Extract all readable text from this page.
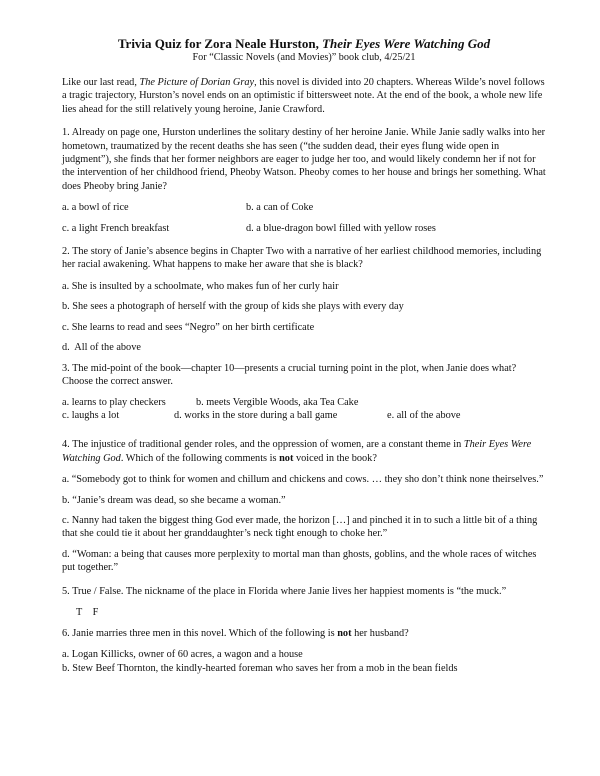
Trivia Quiz for Zora Neale Hurston, Their Eyes Were Watching God
For “Classic Novels (and Movies)” book club, 4/25/21

Like our last read, The Picture of Dorian Gray, this novel is divided into 20 chapters. Whereas Wilde’s novel follows a tragic trajectory, Hurston’s novel ends on an optimistic if bittersweet note. At the end of the book, a whole new life lies ahead for the still relatively young heroine, Janie Crawford.

1. Already on page one, Hurston underlines the solitary destiny of her heroine Janie. While Janie sadly walks into her hometown, traumatized by the recent deaths she has seen (“the sudden dead, their eyes flung wide open in judgment”), she finds that her former neighbors are eager to judge her too, and would likely condemn her if not for the intervention of her childhood friend, Pheoby Watson. Pheoby comes to her house and brings her something. What does Pheoby bring Janie?

a. a bowl of rice	b. a can of Coke
c. a light French breakfast	d. a blue-dragon bowl filled with yellow roses

2. The story of Janie’s absence begins in Chapter Two with a narrative of her earliest childhood memories, including her racial awakening. What happens to make her aware that she is black?

a. She is insulted by a schoolmate, who makes fun of her curly hair

b. She sees a photograph of herself with the group of kids she plays with every day

c. She learns to read and sees “Negro” on her birth certificate

d.  All of the above

3. The mid-point of the book—chapter 10—presents a crucial turning point in the plot, when Janie does what? Choose the correct answer.

a. learns to play checkers	b. meets Vergible Woods, aka Tea Cake
c. laughs a lot	d. works in the store during a ball game	e. all of the above

4. The injustice of traditional gender roles, and the oppression of women, are a constant theme in Their Eyes Were Watching God. Which of the following comments is not voiced in the book?

a. “Somebody got to think for women and chillum and chickens and cows. … they sho don’t think none theirselves.”

b. “Janie’s dream was dead, so she became a woman.”

c. Nanny had taken the biggest thing God ever made, the horizon […] and pinched it in to such a little bit of a thing that she could tie it about her granddaughter’s neck tight enough to choke her.”

d. “Woman: a being that causes more perplexity to mortal man than ghosts, goblins, and the whole races of witches put together.”

5. True / False. The nickname of the place in Florida where Janie lives her happiest moments is “the muck.”

T F

6. Janie marries three men in this novel. Which of the following is not her husband?

a. Logan Killicks, owner of 60 acres, a wagon and a house

b. Stew Beef Thornton, the kindly-hearted foreman who saves her from a mob in the bean fields
